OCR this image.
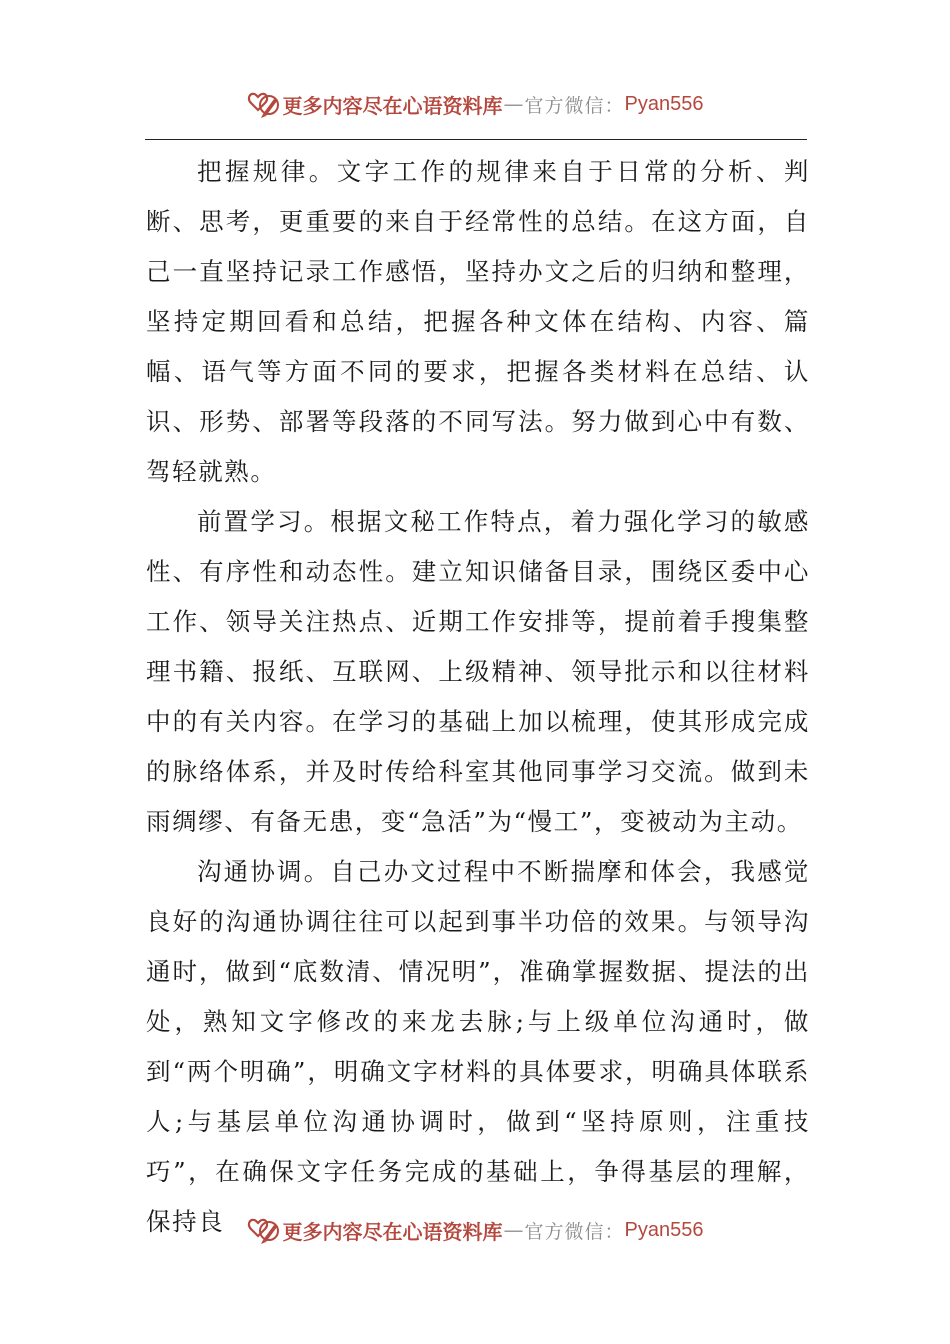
更多内容尽在心语资料库 — 官方微信： Pyan556

把握规律。文字工作的规律来自于日常的分析、判断、思考，更重要的来自于经常性的总结。在这方面，自己一直坚持记录工作感悟，坚持办文之后的归纳和整理，坚持定期回看和总结，把握各种文体在结构、内容、篇幅、语气等方面不同的要求，把握各类材料在总结、认识、形势、部署等段落的不同写法。努力做到心中有数、驾轻就熟。

前置学习。根据文秘工作特点，着力强化学习的敏感性、有序性和动态性。建立知识储备目录，围绕区委中心工作、领导关注热点、近期工作安排等，提前着手搜集整理书籍、报纸、互联网、上级精神、领导批示和以往材料中的有关内容。在学习的基础上加以梳理，使其形成完成的脉络体系，并及时传给科室其他同事学习交流。做到未雨绸缪、有备无患，变“急活”为“慢工”，变被动为主动。

沟通协调。自己办文过程中不断揣摩和体会，我感觉良好的沟通协调往往可以起到事半功倍的效果。与领导沟通时，做到“底数清、情况明”，准确掌握数据、提法的出处，熟知文字修改的来龙去脉;与上级单位沟通时，做到“两个明确”，明确文字材料的具体要求，明确具体联系人;与基层单位沟通协调时，做到“坚持原则，注重技巧”，在确保文字任务完成的基础上，争得基层的理解，保持良	更多内容尽在心语资料库 — 官方微信： Pyan556
